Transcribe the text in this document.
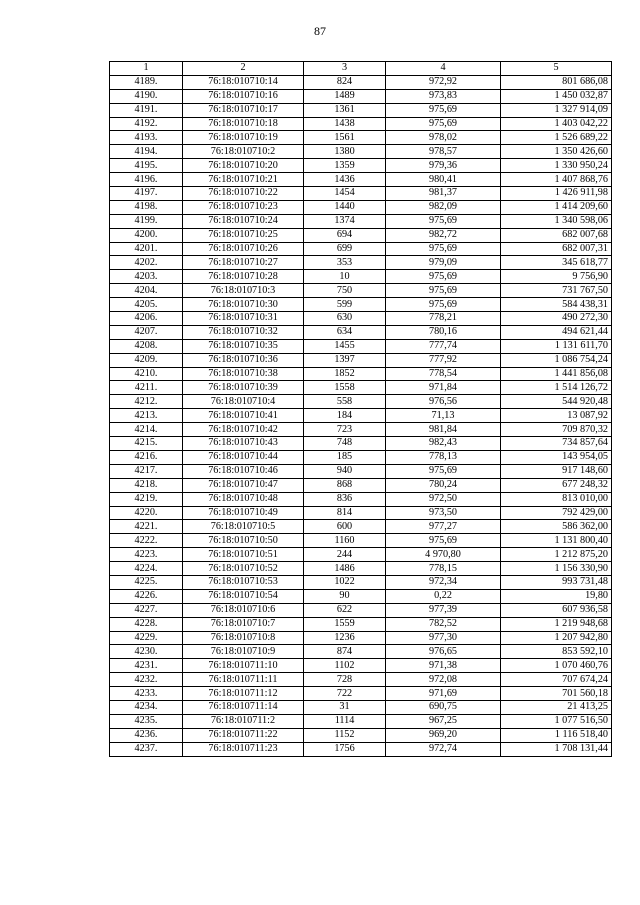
87
1	2	3	4	5
4189.	76:18:010710:14	824	972,92	801 686,08
4190.	76:18:010710:16	1489	973,83	1 450 032,87
4191.	76:18:010710:17	1361	975,69	1 327 914,09
4192.	76:18:010710:18	1438	975,69	1 403 042,22
4193.	76:18:010710:19	1561	978,02	1 526 689,22
4194.	76:18:010710:2	1380	978,57	1 350 426,60
4195.	76:18:010710:20	1359	979,36	1 330 950,24
4196.	76:18:010710:21	1436	980,41	1 407 868,76
4197.	76:18:010710:22	1454	981,37	1 426 911,98
4198.	76:18:010710:23	1440	982,09	1 414 209,60
4199.	76:18:010710:24	1374	975,69	1 340 598,06
4200.	76:18:010710:25	694	982,72	682 007,68
4201.	76:18:010710:26	699	975,69	682 007,31
4202.	76:18:010710:27	353	979,09	345 618,77
4203.	76:18:010710:28	10	975,69	9 756,90
4204.	76:18:010710:3	750	975,69	731 767,50
4205.	76:18:010710:30	599	975,69	584 438,31
4206.	76:18:010710:31	630	778,21	490 272,30
4207.	76:18:010710:32	634	780,16	494 621,44
4208.	76:18:010710:35	1455	777,74	1 131 611,70
4209.	76:18:010710:36	1397	777,92	1 086 754,24
4210.	76:18:010710:38	1852	778,54	1 441 856,08
4211.	76:18:010710:39	1558	971,84	1 514 126,72
4212.	76:18:010710:4	558	976,56	544 920,48
4213.	76:18:010710:41	184	71,13	13 087,92
4214.	76:18:010710:42	723	981,84	709 870,32
4215.	76:18:010710:43	748	982,43	734 857,64
4216.	76:18:010710:44	185	778,13	143 954,05
4217.	76:18:010710:46	940	975,69	917 148,60
4218.	76:18:010710:47	868	780,24	677 248,32
4219.	76:18:010710:48	836	972,50	813 010,00
4220.	76:18:010710:49	814	973,50	792 429,00
4221.	76:18:010710:5	600	977,27	586 362,00
4222.	76:18:010710:50	1160	975,69	1 131 800,40
4223.	76:18:010710:51	244	4 970,80	1 212 875,20
4224.	76:18:010710:52	1486	778,15	1 156 330,90
4225.	76:18:010710:53	1022	972,34	993 731,48
4226.	76:18:010710:54	90	0,22	19,80
4227.	76:18:010710:6	622	977,39	607 936,58
4228.	76:18:010710:7	1559	782,52	1 219 948,68
4229.	76:18:010710:8	1236	977,30	1 207 942,80
4230.	76:18:010710:9	874	976,65	853 592,10
4231.	76:18:010711:10	1102	971,38	1 070 460,76
4232.	76:18:010711:11	728	972,08	707 674,24
4233.	76:18:010711:12	722	971,69	701 560,18
4234.	76:18:010711:14	31	690,75	21 413,25
4235.	76:18:010711:2	1114	967,25	1 077 516,50
4236.	76:18:010711:22	1152	969,20	1 116 518,40
4237.	76:18:010711:23	1756	972,74	1 708 131,44
